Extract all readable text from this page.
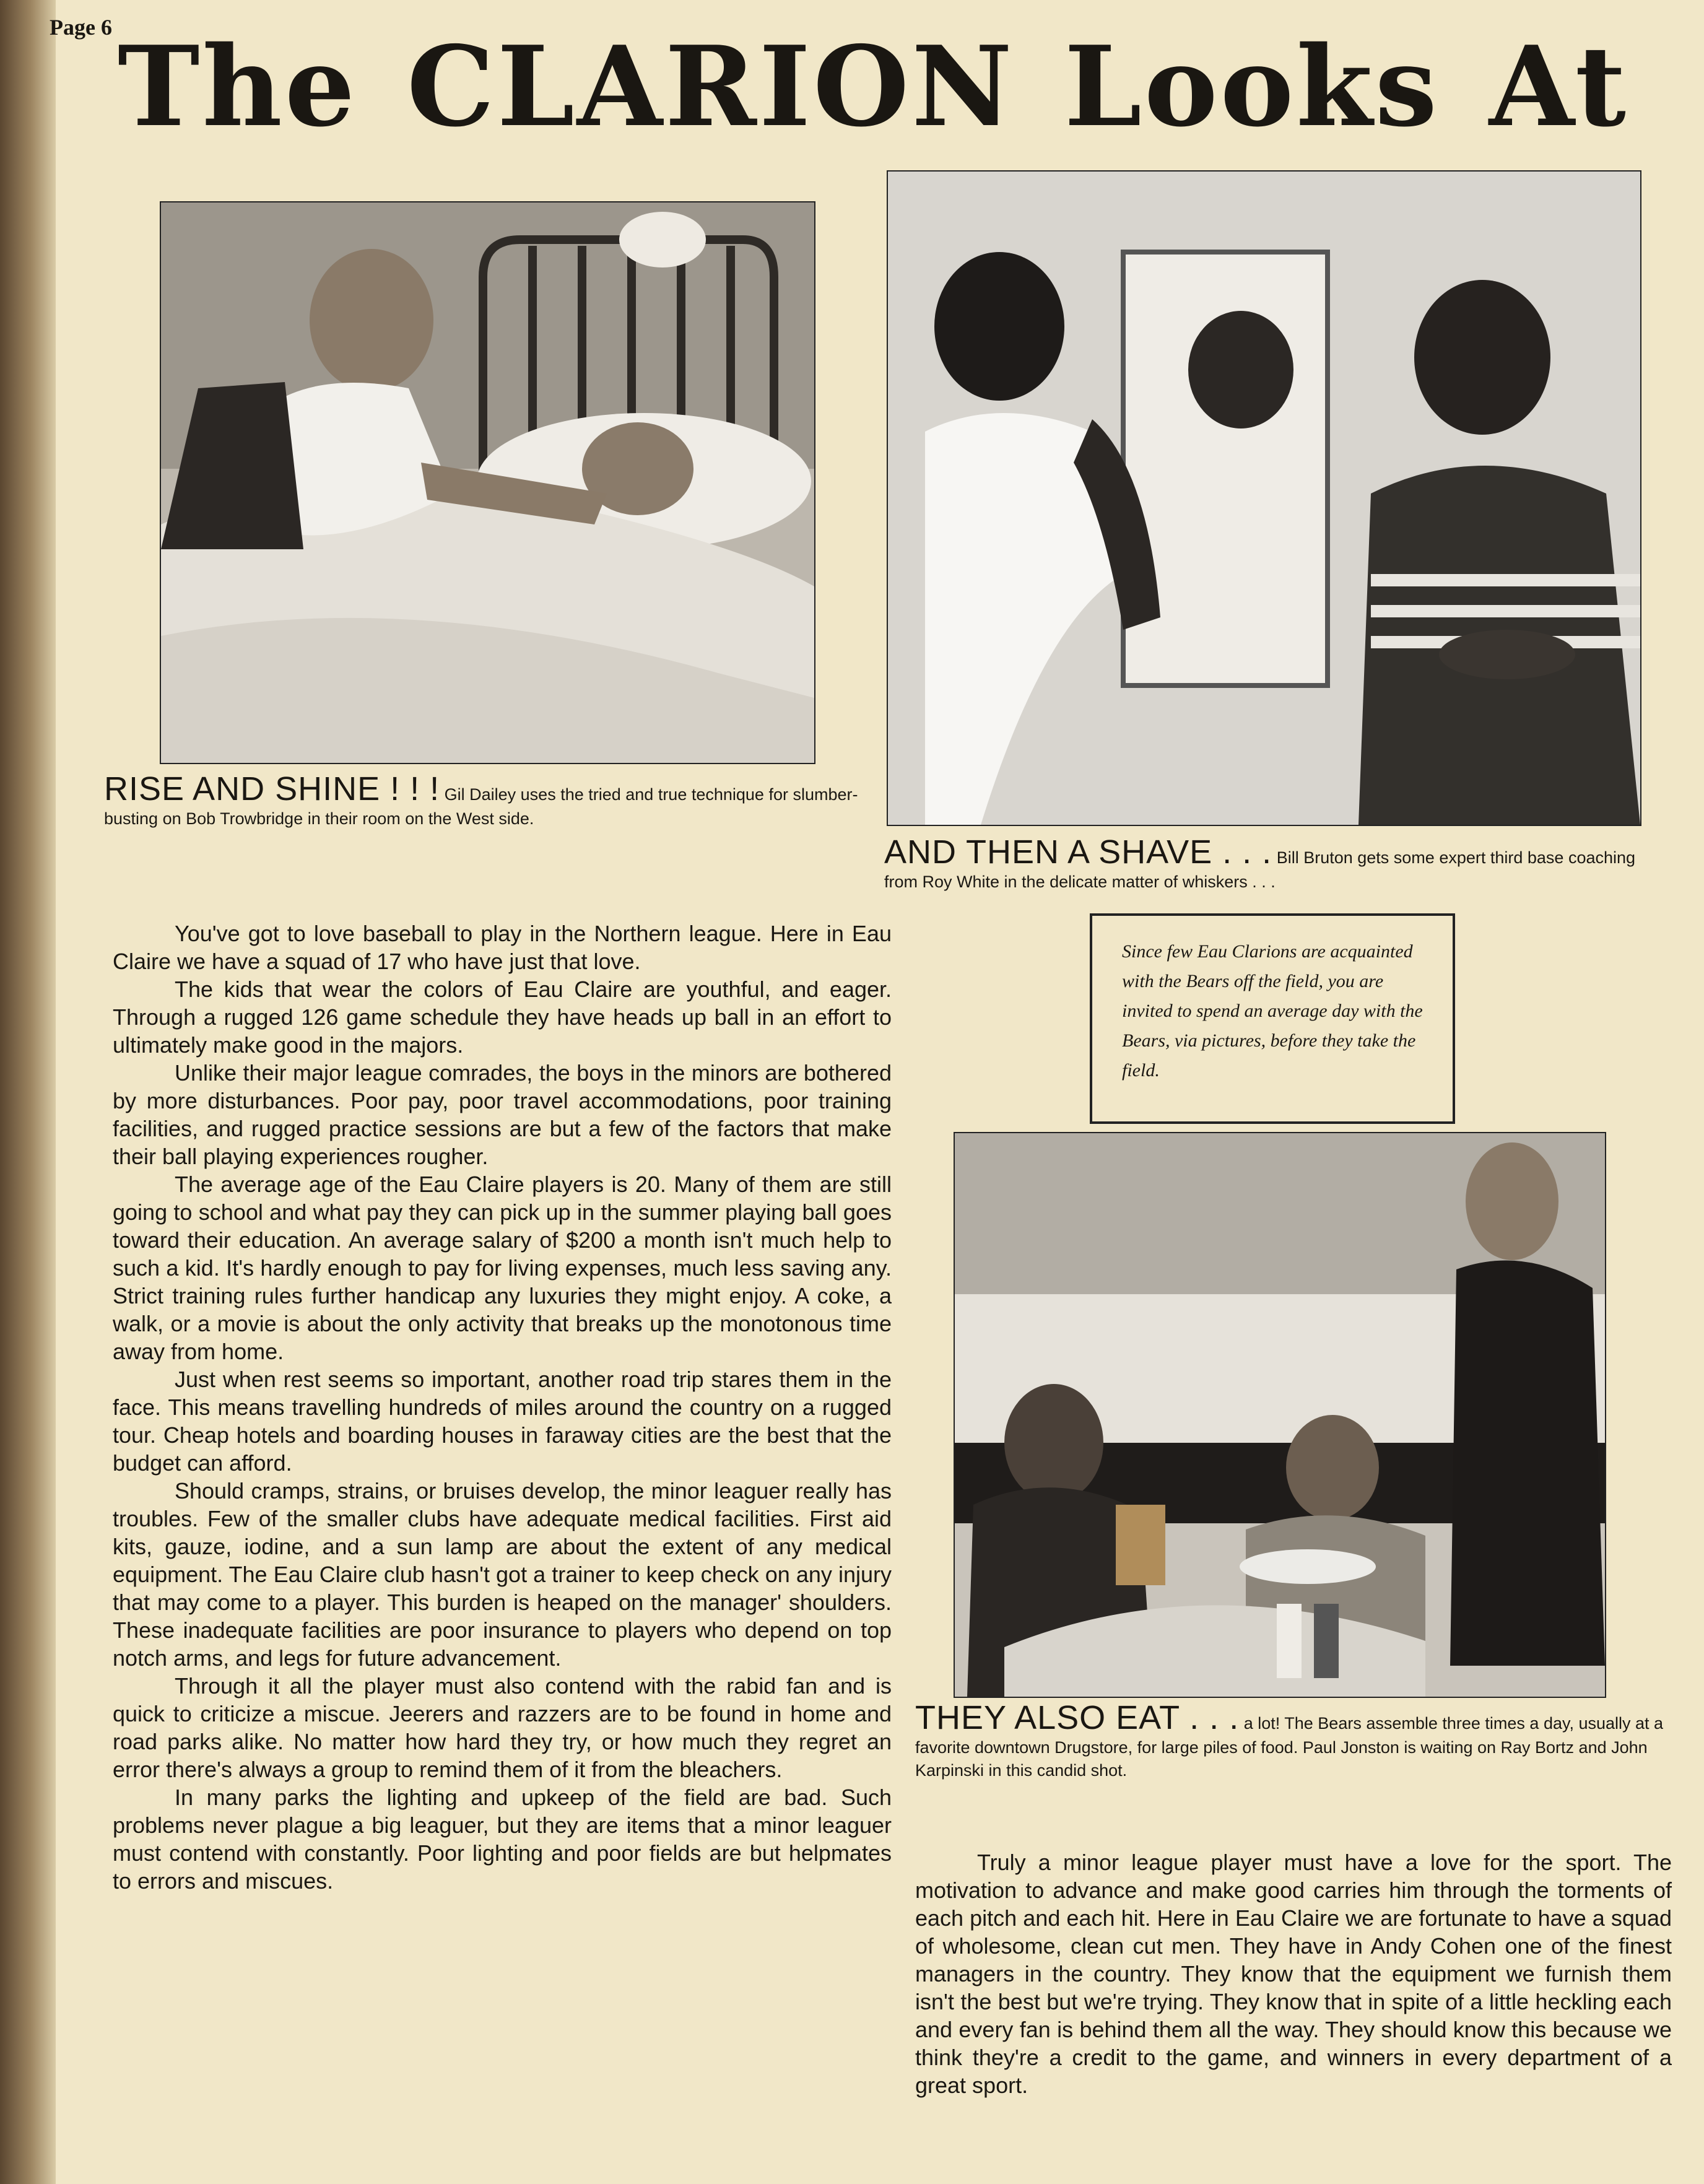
Page 6 The CLARION Looks At

RISE AND SHINE ! ! ! Gil Dailey uses the tried and true technique for slumber-busting on Bob Trowbridge in their room on the West side.

AND THEN A SHAVE . . . Bill Bruton gets some expert third base coaching from Roy White in the delicate matter of whiskers . . .

Since few Eau Clarions are acquainted with the Bears off the field, you are invited to spend an average day with the Bears, via pictures, before they take the field.

THEY ALSO EAT . . . a lot! The Bears assemble three times a day, usually at a favorite downtown Drugstore, for large piles of food. Paul Jonston is waiting on Ray Bortz and John Karpinski in this candid shot.

You've got to love baseball to play in the Northern league. Here in Eau Claire we have a squad of 17 who have just that love.

The kids that wear the colors of Eau Claire are youthful, and eager. Through a rugged 126 game schedule they have heads up ball in an effort to ultimately make good in the majors.

Unlike their major league comrades, the boys in the minors are bothered by more disturbances. Poor pay, poor travel accommodations, poor training facilities, and rugged practice sessions are but a few of the factors that make their ball playing experiences rougher.

The average age of the Eau Claire players is 20. Many of them are still going to school and what pay they can pick up in the summer playing ball goes toward their education. An average salary of $200 a month isn't much help to such a kid. It's hardly enough to pay for living expenses, much less saving any. Strict training rules further handicap any luxuries they might enjoy. A coke, a walk, or a movie is about the only activity that breaks up the monotonous time away from home.

Just when rest seems so important, another road trip stares them in the face. This means travelling hundreds of miles around the country on a rugged tour. Cheap hotels and boarding houses in faraway cities are the best that the budget can afford.

Should cramps, strains, or bruises develop, the minor leaguer really has troubles. Few of the smaller clubs have adequate medical facilities. First aid kits, gauze, iodine, and a sun lamp are about the extent of any medical equipment. The Eau Claire club hasn't got a trainer to keep check on any injury that may come to a player. This burden is heaped on the manager' shoulders. These inadequate facilities are poor insurance to players who depend on top notch arms, and legs for future advancement.

Through it all the player must also contend with the rabid fan and is quick to criticize a miscue. Jeerers and razzers are to be found in home and road parks alike. No matter how hard they try, or how much they regret an error there's always a group to remind them of it from the bleachers.

In many parks the lighting and upkeep of the field are bad. Such problems never plague a big leaguer, but they are items that a minor leaguer must contend with constantly. Poor lighting and poor fields are but helpmates to errors and miscues.

Truly a minor league player must have a love for the sport. The motivation to advance and make good carries him through the torments of each pitch and each hit. Here in Eau Claire we are fortunate to have a squad of wholesome, clean cut men. They have in Andy Cohen one of the finest managers in the country. They know that the equipment we furnish them isn't the best but we're trying. They know that in spite of a little heckling each and every fan is behind them all the way. They should know this because we think they're a credit to the game, and winners in every department of a great sport.
